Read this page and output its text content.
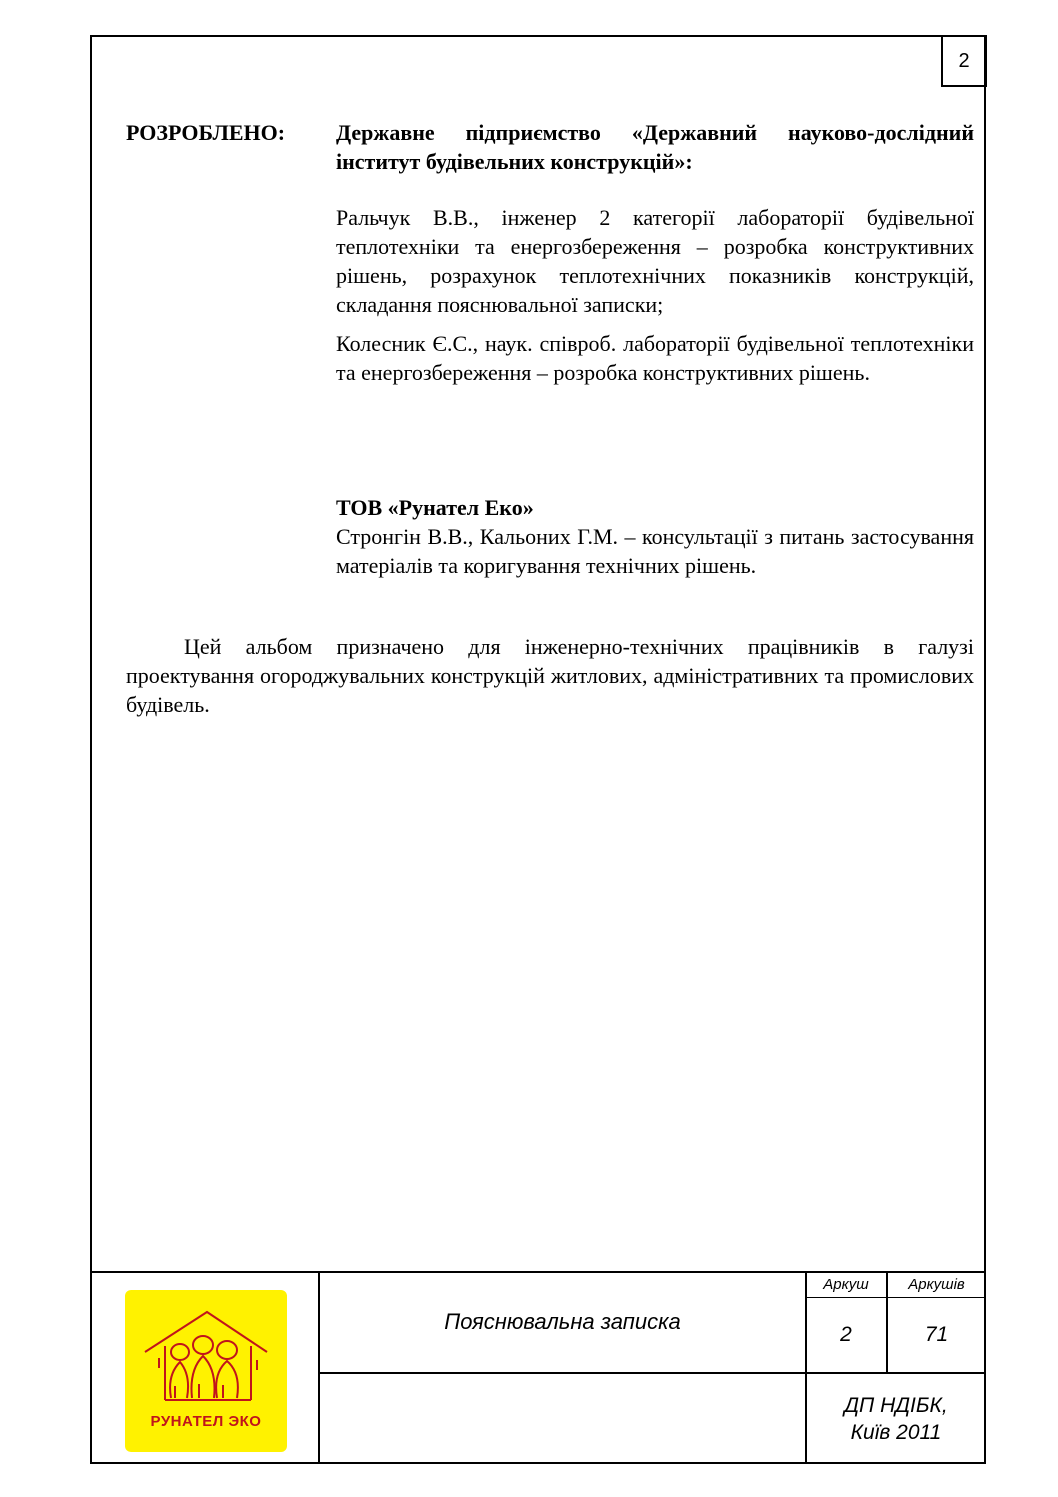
2
РОЗРОБЛЕНО: Державне підприємство «Державний науково-дослідний інститут будівельних конструкцій»:

Ральчук В.В., інженер 2 категорії лабораторії будівельної теплотехніки та енергозбереження – розробка конструктивних рішень, розрахунок теплотехнічних показників конструкцій, складання пояснювальної записки;

Колесник Є.С., наук. співроб. лабораторії будівельної теплотехніки та енергозбереження – розробка конструктивних рішень.

ТОВ «Рунател Еко»

Стронгін В.В., Кальоних Г.М. – консультації з питань застосування матеріалів та коригування технічних рішень.

Цей альбом призначено для інженерно-технічних працівників в галузі проектування огороджувальних конструкцій житлових, адміністративних та промислових будівель.
Аркуш	Аркушів
2	71
Пояснювальна записка
ДП НДІБК,
Київ 2011
РУНАТЕЛ ЭКО
